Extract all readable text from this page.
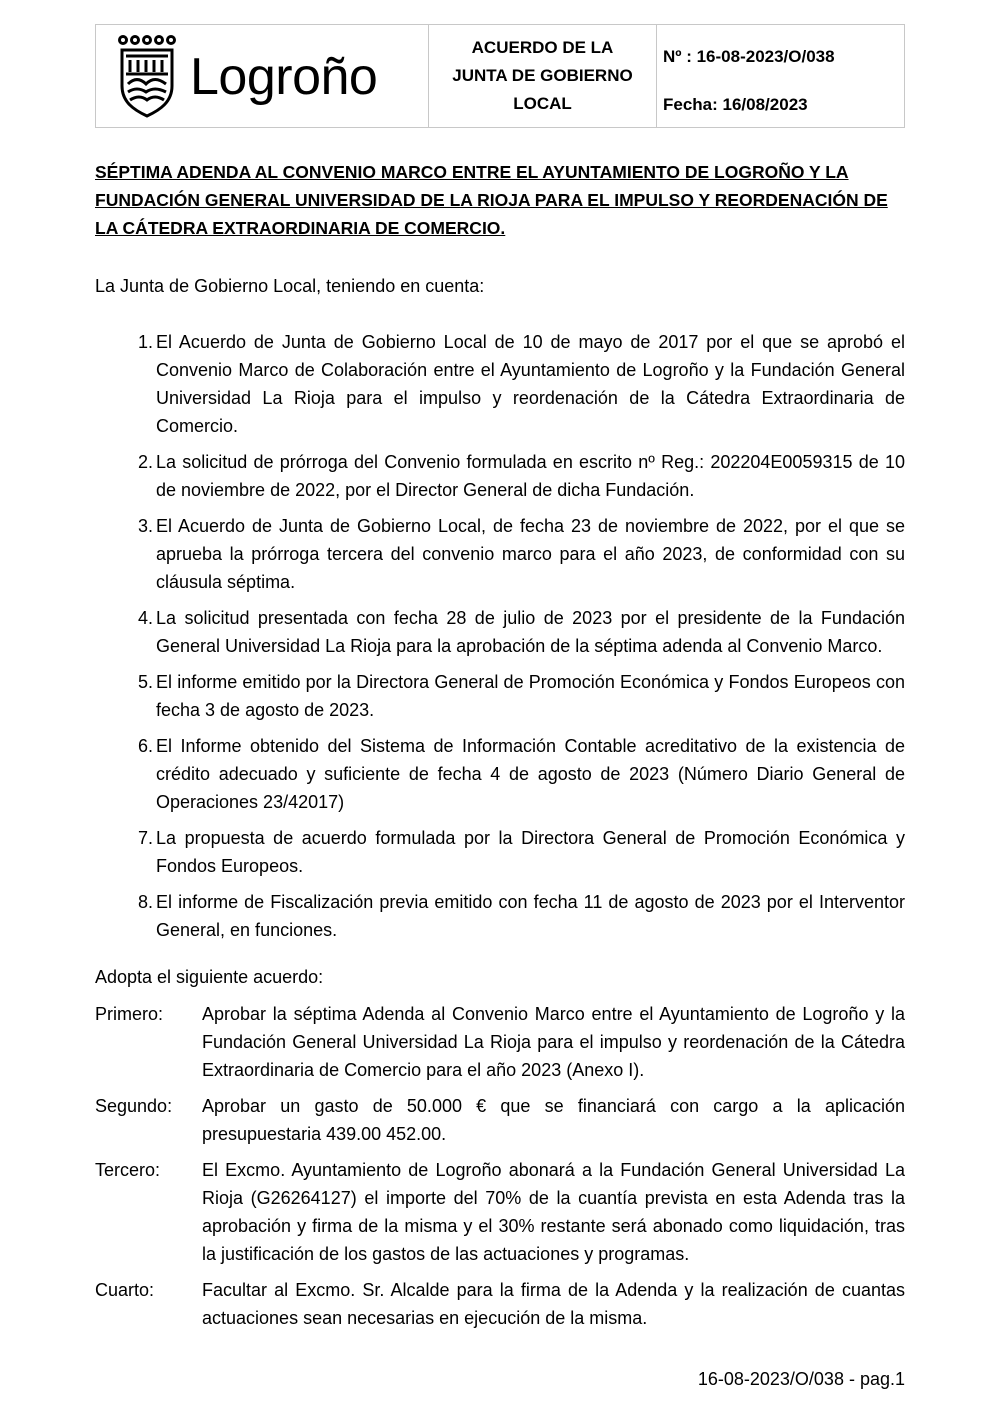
Logroño
ACUERDO DE LA
JUNTA DE GOBIERNO
LOCAL
Nº : 16-08-2023/O/038
Fecha: 16/08/2023
SÉPTIMA ADENDA AL CONVENIO MARCO ENTRE EL AYUNTAMIENTO DE LOGROÑO Y LA FUNDACIÓN GENERAL UNIVERSIDAD DE LA RIOJA PARA EL IMPULSO Y REORDENACIÓN DE LA CÁTEDRA EXTRAORDINARIA DE COMERCIO.
La Junta de Gobierno Local, teniendo en cuenta:
1. El Acuerdo de Junta de Gobierno Local de 10 de mayo de 2017 por el que se aprobó el Convenio Marco de Colaboración entre el Ayuntamiento de Logroño y la Fundación General Universidad La Rioja para el impulso y reordenación de la Cátedra Extraordinaria de Comercio.
2. La solicitud de prórroga del Convenio formulada en escrito nº Reg.: 202204E0059315 de 10 de noviembre de 2022, por el Director General de dicha Fundación.
3. El Acuerdo de Junta de Gobierno Local, de fecha 23 de noviembre de 2022, por el que se aprueba la prórroga tercera del convenio marco para el año 2023, de conformidad con su cláusula séptima.
4. La solicitud presentada con fecha 28 de julio de 2023 por el presidente de la Fundación General Universidad La Rioja para la aprobación de la séptima adenda al Convenio Marco.
5. El informe emitido por la Directora General de Promoción Económica y Fondos Europeos con fecha 3 de agosto de 2023.
6. El Informe obtenido del Sistema de Información Contable acreditativo de la existencia de crédito adecuado y suficiente de fecha 4 de agosto de 2023 (Número Diario General de Operaciones 23/42017)
7. La propuesta de acuerdo formulada por la Directora General de Promoción Económica y Fondos Europeos.
8. El informe de Fiscalización previa emitido con fecha 11 de agosto de 2023 por el Interventor General, en funciones.
Adopta el siguiente acuerdo:
Primero:	Aprobar la séptima Adenda al Convenio Marco entre el Ayuntamiento de Logroño y la Fundación General Universidad La Rioja para el impulso y reordenación de la Cátedra Extraordinaria de Comercio para el año 2023 (Anexo I).
Segundo:	Aprobar un gasto de 50.000 € que se financiará con cargo a la aplicación presupuestaria 439.00 452.00.
Tercero:	El Excmo. Ayuntamiento de Logroño abonará a la Fundación General Universidad La Rioja (G26264127) el importe del 70% de la cuantía prevista en esta Adenda tras la aprobación y firma de la misma y el 30% restante será abonado como liquidación, tras la justificación de los gastos de las actuaciones y programas.
Cuarto:	Facultar al Excmo. Sr. Alcalde para la firma de la Adenda y la realización de cuantas actuaciones sean necesarias en ejecución de la misma.
16-08-2023/O/038 - pag.1
